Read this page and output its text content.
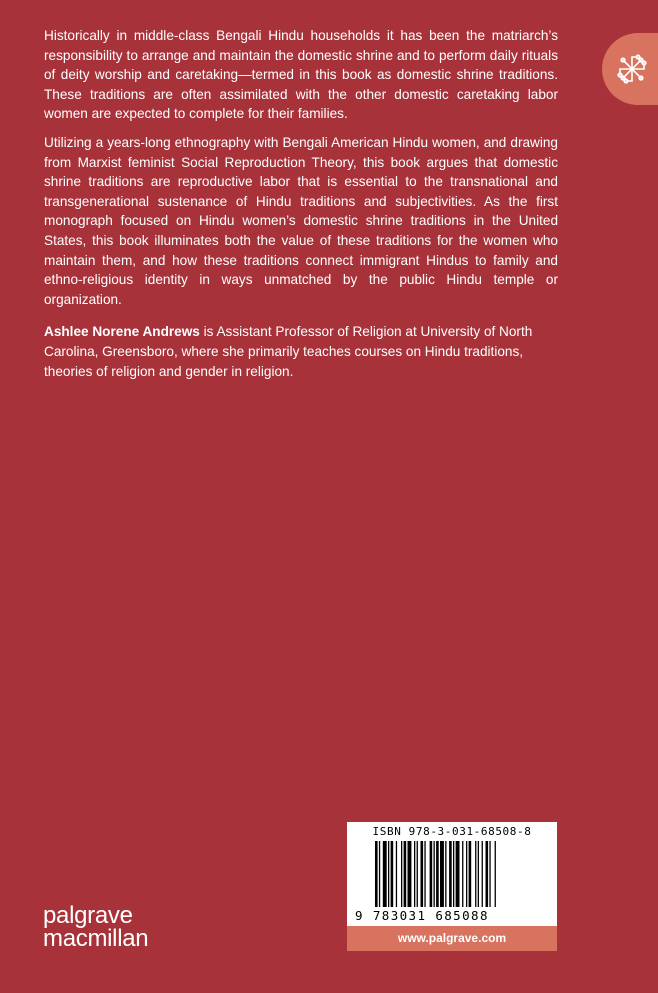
Historically in middle-class Bengali Hindu households it has been the matriarch’s responsibility to arrange and maintain the domestic shrine and to perform daily rituals of deity worship and caretaking—termed in this book as domestic shrine traditions. These traditions are often assimilated with the other domestic caretaking labor women are expected to complete for their families.

Utilizing a years-long ethnography with Bengali American Hindu women, and drawing from Marxist feminist Social Reproduction Theory, this book argues that domestic shrine traditions are reproductive labor that is essential to the transnational and transgenerational sustenance of Hindu traditions and subjectivities. As the first monograph focused on Hindu women’s domestic shrine traditions in the United States, this book illuminates both the value of these traditions for the women who maintain them, and how these traditions connect immigrant Hindus to family and ethno-religious identity in ways unmatched by the public Hindu temple or organization.

Ashlee Norene Andrews is Assistant Professor of Religion at University of North Carolina, Greensboro, where she primarily teaches courses on Hindu traditions, theories of religion and gender in religion.

ISBN 978-3-031-68508-8
9 783031 685088
www.palgrave.com
palgrave
macmillan
